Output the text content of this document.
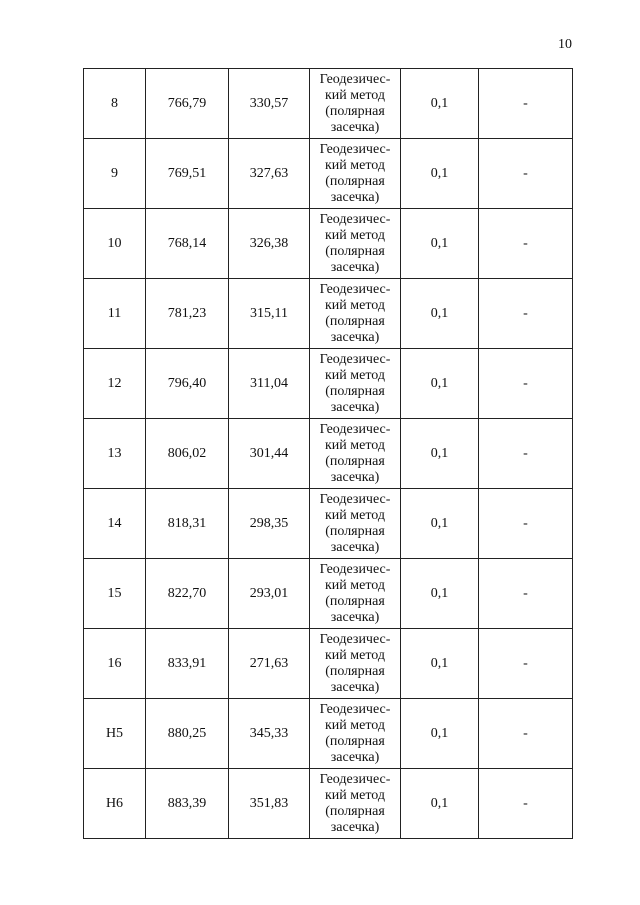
10
8	766,79	330,57	Геодезичес-
кий метод
(полярная
засечка)	0,1	-
9	769,51	327,63	Геодезичес-
кий метод
(полярная
засечка)	0,1	-
10	768,14	326,38	Геодезичес-
кий метод
(полярная
засечка)	0,1	-
11	781,23	315,11	Геодезичес-
кий метод
(полярная
засечка)	0,1	-
12	796,40	311,04	Геодезичес-
кий метод
(полярная
засечка)	0,1	-
13	806,02	301,44	Геодезичес-
кий метод
(полярная
засечка)	0,1	-
14	818,31	298,35	Геодезичес-
кий метод
(полярная
засечка)	0,1	-
15	822,70	293,01	Геодезичес-
кий метод
(полярная
засечка)	0,1	-
16	833,91	271,63	Геодезичес-
кий метод
(полярная
засечка)	0,1	-
Н5	880,25	345,33	Геодезичес-
кий метод
(полярная
засечка)	0,1	-
Н6	883,39	351,83	Геодезичес-
кий метод
(полярная
засечка)	0,1	-
